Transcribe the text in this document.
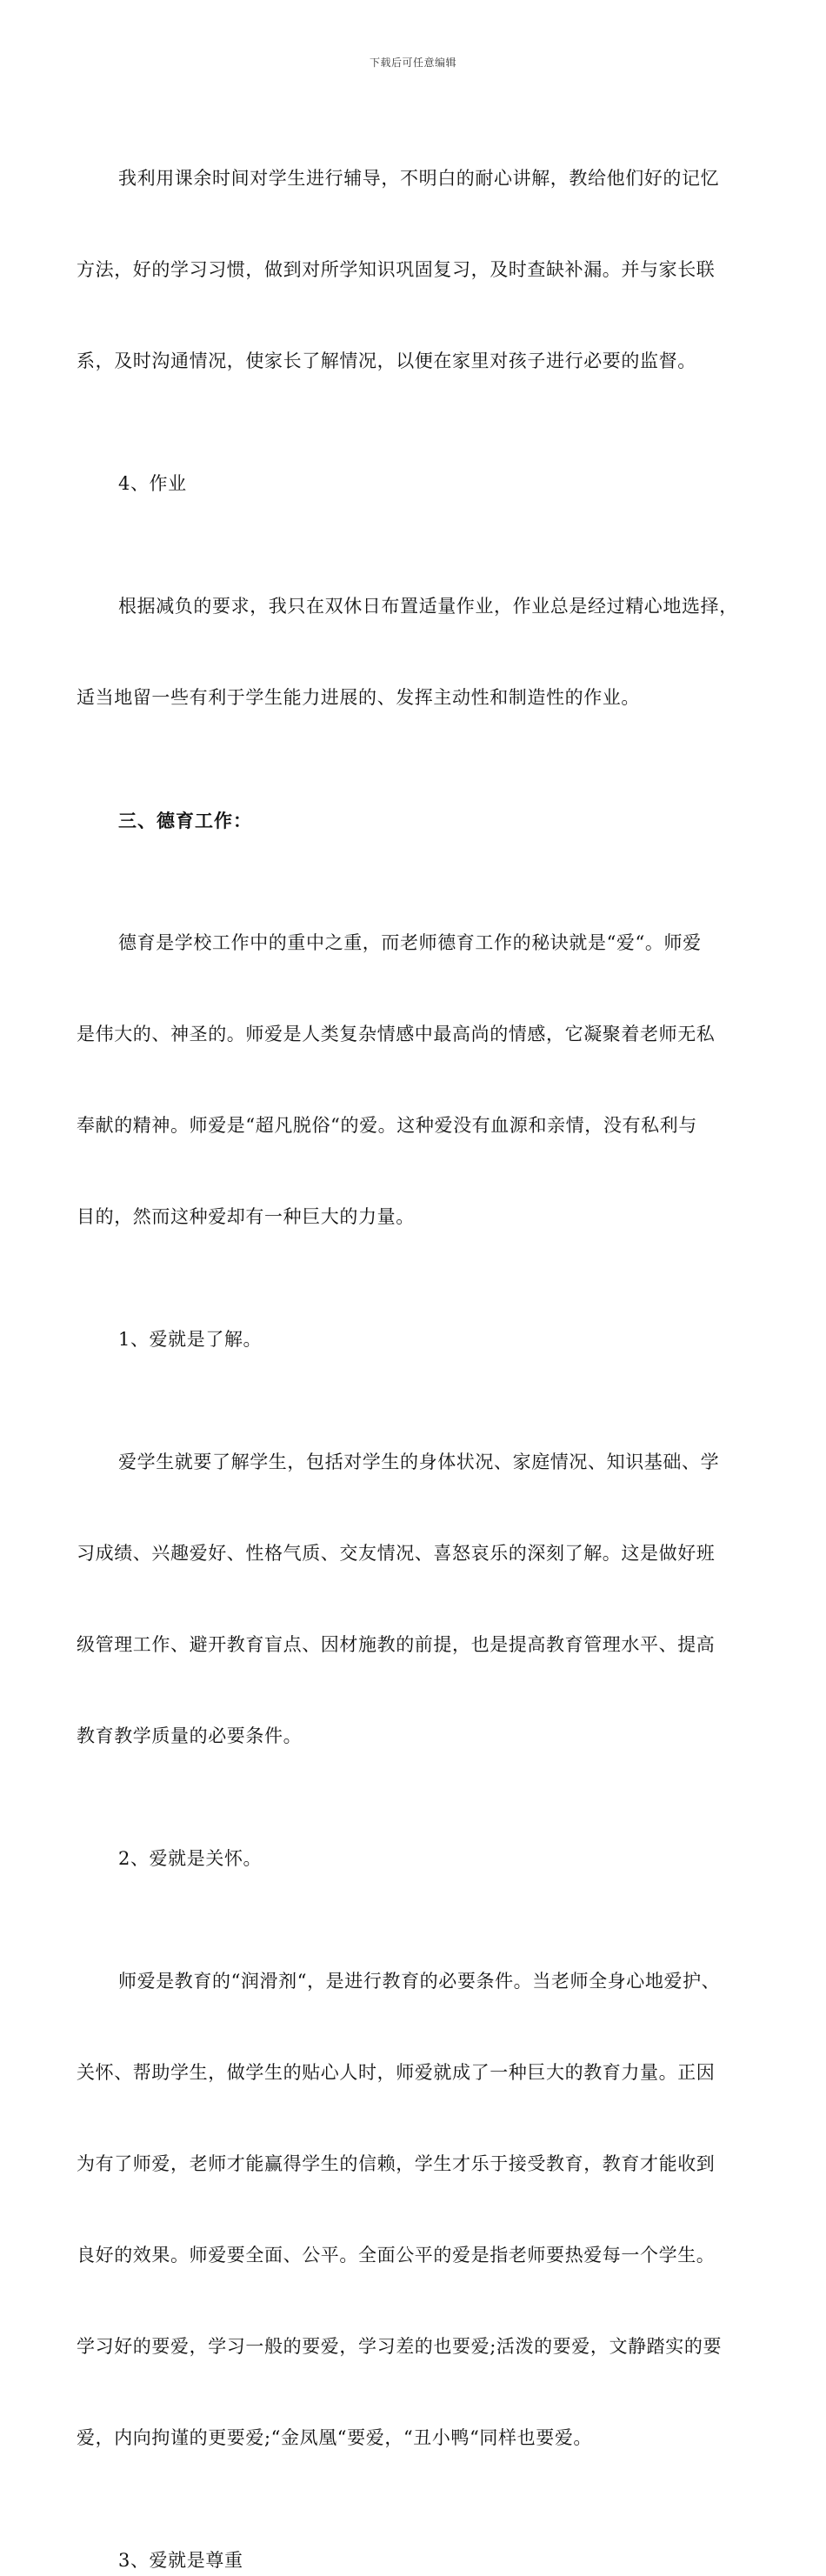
下载后可任意编辑

我利用课余时间对学生进行辅导，不明白的耐心讲解，教给他们好的记忆

方法，好的学习习惯，做到对所学知识巩固复习，及时查缺补漏。并与家长联

系，及时沟通情况，使家长了解情况，以便在家里对孩子进行必要的监督。

4、作业

根据减负的要求，我只在双休日布置适量作业，作业总是经过精心地选择，

适当地留一些有利于学生能力进展的、发挥主动性和制造性的作业。

三、德育工作：

德育是学校工作中的重中之重，而老师德育工作的秘诀就是“爱“。师爱

是伟大的、神圣的。师爱是人类复杂情感中最高尚的情感，它凝聚着老师无私

奉献的精神。师爱是“超凡脱俗“的爱。这种爱没有血源和亲情，没有私利与

目的，然而这种爱却有一种巨大的力量。

1、爱就是了解。

爱学生就要了解学生，包括对学生的身体状况、家庭情况、知识基础、学

习成绩、兴趣爱好、性格气质、交友情况、喜怒哀乐的深刻了解。这是做好班

级管理工作、避开教育盲点、因材施教的前提，也是提高教育管理水平、提高

教育教学质量的必要条件。

2、爱就是关怀。

师爱是教育的“润滑剂“，是进行教育的必要条件。当老师全身心地爱护、

关怀、帮助学生，做学生的贴心人时，师爱就成了一种巨大的教育力量。正因

为有了师爱，老师才能赢得学生的信赖，学生才乐于接受教育，教育才能收到

良好的效果。师爱要全面、公平。全面公平的爱是指老师要热爱每一个学生。

学习好的要爱，学习一般的要爱，学习差的也要爱;活泼的要爱，文静踏实的要

爱，内向拘谨的更要爱;“金凤凰“要爱，“丑小鸭“同样也要爱。

3、爱就是尊重
